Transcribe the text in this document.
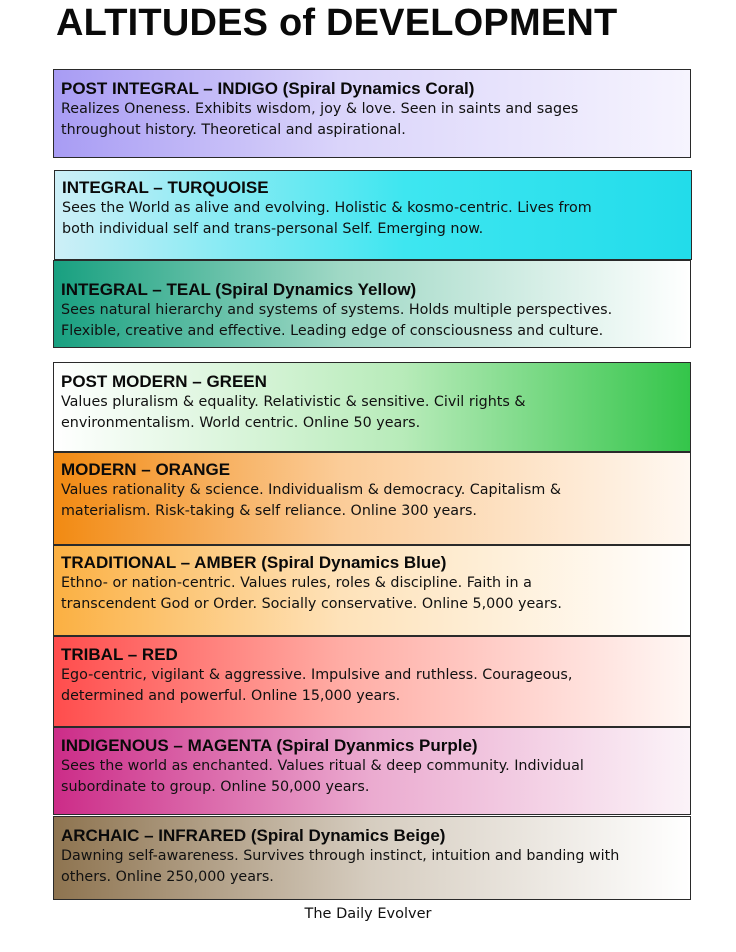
ALTITUDES of DEVELOPMENT
POST INTEGRAL – INDIGO (Spiral Dynamics Coral)
Realizes Oneness. Exhibits wisdom, joy & love. Seen in saints and sages
throughout history. Theoretical and aspirational.
INTEGRAL – TURQUOISE
Sees the World as alive and evolving. Holistic & kosmo-centric. Lives from
both individual self and trans-personal Self. Emerging now.
INTEGRAL – TEAL (Spiral Dynamics Yellow)
Sees natural hierarchy and systems of systems. Holds multiple perspectives.
Flexible, creative and effective. Leading edge of consciousness and culture.
POST MODERN – GREEN
Values pluralism & equality. Relativistic & sensitive. Civil rights &
environmentalism. World centric. Online 50 years.
MODERN – ORANGE
Values rationality & science. Individualism & democracy. Capitalism &
materialism. Risk-taking & self reliance. Online 300 years.
TRADITIONAL – AMBER (Spiral Dynamics Blue)
Ethno- or nation-centric. Values rules, roles & discipline. Faith in a
transcendent God or Order. Socially conservative. Online 5,000 years.
TRIBAL – RED
Ego-centric, vigilant & aggressive. Impulsive and ruthless. Courageous,
determined and powerful. Online 15,000 years.
INDIGENOUS – MAGENTA (Spiral Dyanmics Purple)
Sees the world as enchanted. Values ritual & deep community. Individual
subordinate to group. Online 50,000 years.
ARCHAIC – INFRARED (Spiral Dynamics Beige)
Dawning self-awareness. Survives through instinct, intuition and banding with
others. Online 250,000 years.
The Daily Evolver
